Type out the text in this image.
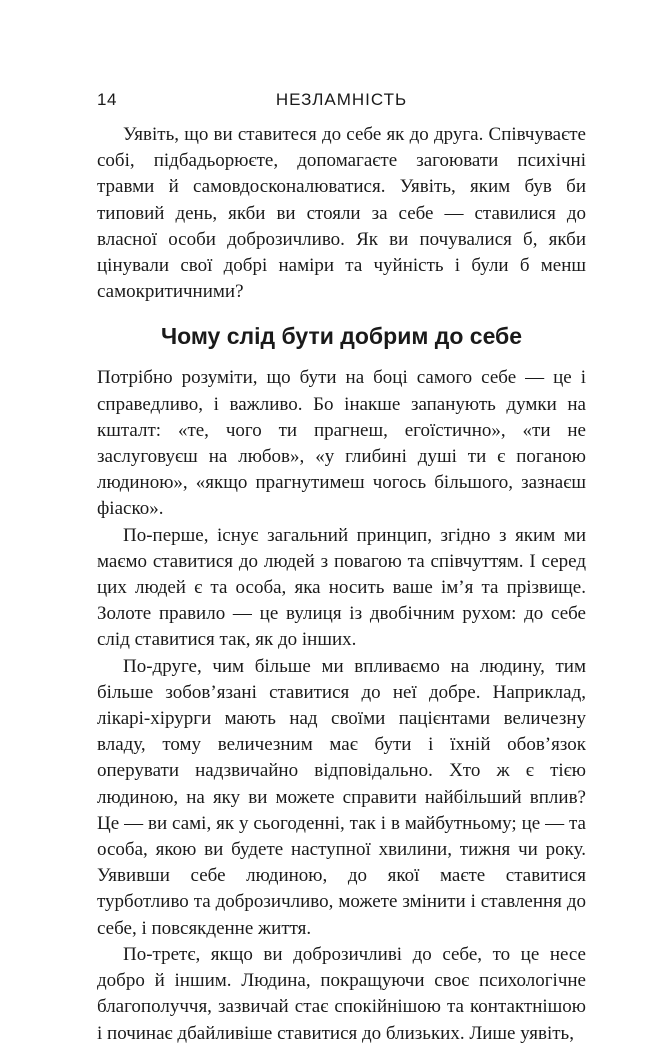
14	НЕЗЛАМНІСТЬ

Уявіть, що ви ставитеся до себе як до друга. Співчуваєте собі, підбадьорюєте, допомагаєте загоювати психічні травми й самовдосконалюватися. Уявіть, яким був би типовий день, якби ви стояли за себе — ставилися до власної особи доброзичливо. Як ви почувалися б, якби цінували свої добрі наміри та чуйність і були б менш самокритичними?

Чому слід бути добрим до себе

Потрібно розуміти, що бути на боці самого себе — це і справедливо, і важливо. Бо інакше запанують думки на кшталт: «те, чого ти прагнеш, егоїстично», «ти не заслуговуєш на любов», «у глибині душі ти є поганою людиною», «якщо прагнутимеш чогось більшого, зазнаєш фіаско».

По-перше, існує загальний принцип, згідно з яким ми маємо ставитися до людей з повагою та співчуттям. І серед цих людей є та особа, яка носить ваше ім’я та прізвище. Золоте правило — це вулиця із двобічним рухом: до себе слід ставитися так, як до інших.

По-друге, чим більше ми впливаємо на людину, тим більше зобов’язані ставитися до неї добре. Наприклад, лікарі-хірурги мають над своїми пацієнтами величезну владу, тому величезним має бути і їхній обов’язок оперувати надзвичайно відповідально. Хто ж є тією людиною, на яку ви можете справити найбільший вплив? Це — ви самі, як у сьогоденні, так і в майбутньому; це — та особа, якою ви будете наступної хвилини, тижня чи року. Уявивши себе людиною, до якої маєте ставитися турботливо та доброзичливо, можете змінити і ставлення до себе, і повсякденне життя.

По-третє, якщо ви доброзичливі до себе, то це несе добро й іншим. Людина, покращуючи своє психологічне благополуччя, зазвичай стає спокійнішою та контактнішою і починає дбайливіше ставитися до близьких. Лише уявіть,
